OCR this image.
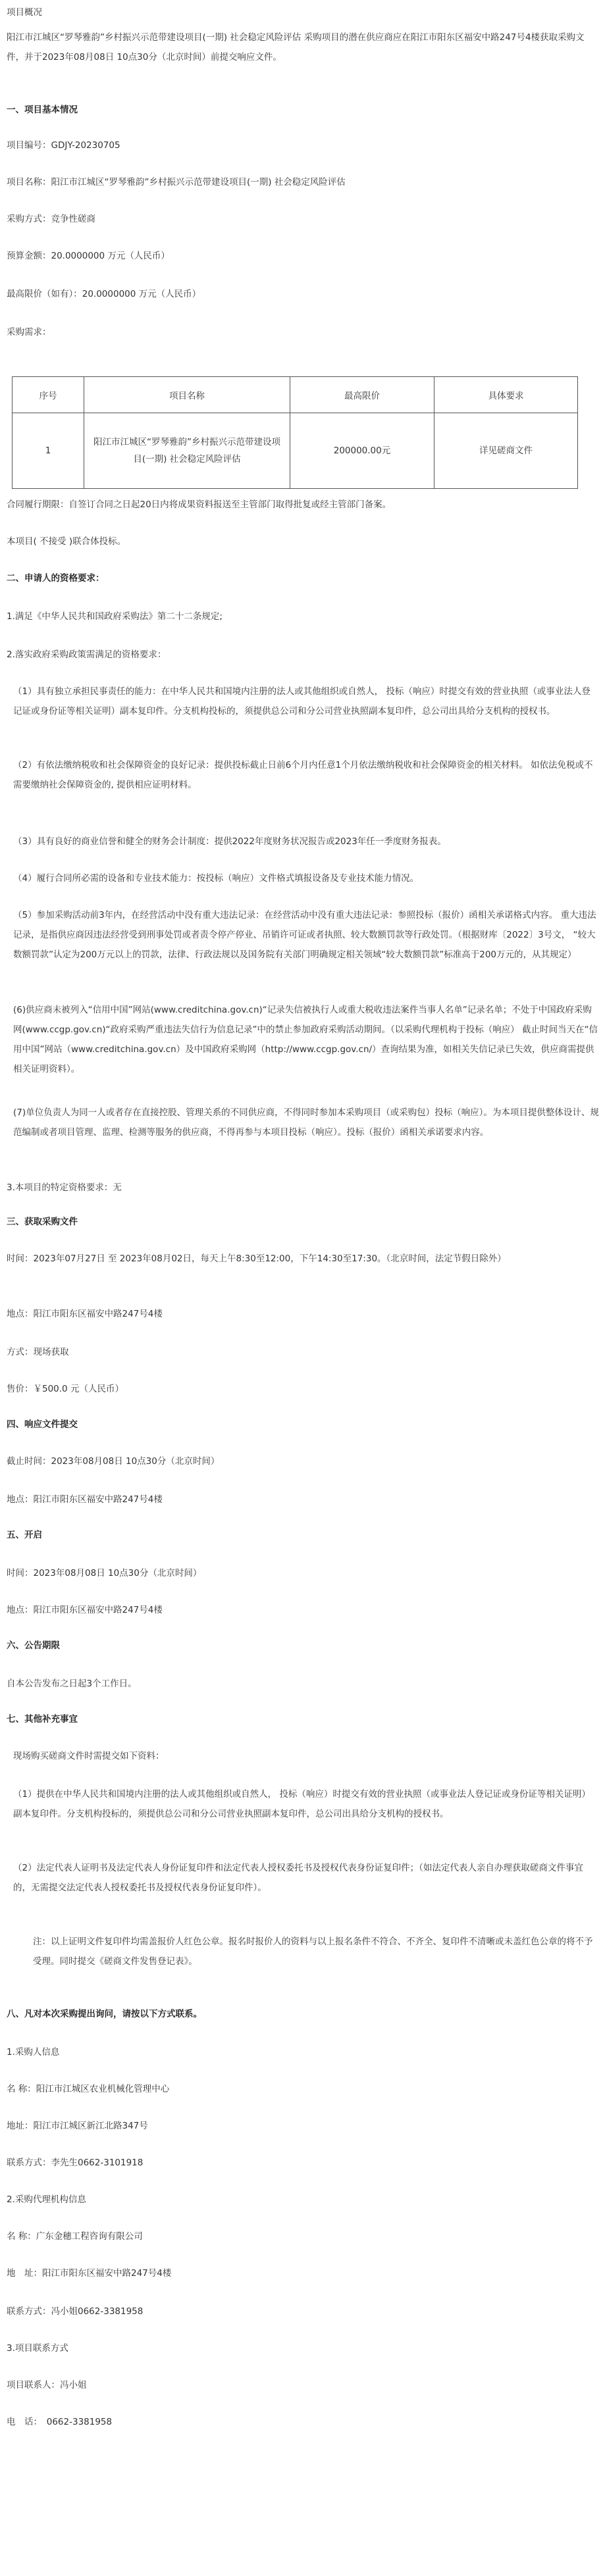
项目概况

阳江市江城区“罗琴雅韵”乡村振兴示范带建设项目(一期) 社会稳定风险评估 采购项目的潜在供应商应在阳江市阳东区福安中路247号4楼获取采购文件，并于2023年08月08日 10点30分（北京时间）前提交响应文件。

一、项目基本情况

项目编号：GDJY-20230705

项目名称：阳江市江城区“罗琴雅韵”乡村振兴示范带建设项目(一期) 社会稳定风险评估

采购方式：竞争性磋商

预算金额：20.0000000 万元（人民币）

最高限价（如有）：20.0000000 万元（人民币）

采购需求：

序号	项目名称	最高限价	具体要求
1	阳江市江城区“罗琴雅韵”乡村振兴示范带建设项目(一期) 社会稳定风险评估	200000.00元	详见磋商文件

合同履行期限：自签订合同之日起20日内将成果资料报送至主管部门取得批复或经主管部门备案。

本项目( 不接受 )联合体投标。

二、申请人的资格要求：

1.满足《中华人民共和国政府采购法》第二十二条规定;

2.落实政府采购政策需满足的资格要求：

（1）具有独立承担民事责任的能力：在中华人民共和国境内注册的法人或其他组织或自然人， 投标（响应）时提交有效的营业执照（或事业法人登记证或身份证等相关证明）副本复印件。分支机构投标的，须提供总公司和分公司营业执照副本复印件，总公司出具给分支机构的授权书。

（2）有依法缴纳税收和社会保障资金的良好记录：提供投标截止日前6个月内任意1个月依法缴纳税收和社会保障资金的相关材料。 如依法免税或不需要缴纳社会保障资金的, 提供相应证明材料。

（3）具有良好的商业信誉和健全的财务会计制度：提供2022年度财务状况报告或2023年任一季度财务报表。

（4）履行合同所必需的设备和专业技术能力：按投标（响应）文件格式填报设备及专业技术能力情况。

（5）参加采购活动前3年内，在经营活动中没有重大违法记录：在经营活动中没有重大违法记录：参照投标（报价）函相关承诺格式内容。 重大违法记录，是指供应商因违法经营受到刑事处罚或者责令停产停业、吊销许可证或者执照、较大数额罚款等行政处罚。（根据财库〔2022〕3号文， “较大数额罚款”认定为200万元以上的罚款，法律、行政法规以及国务院有关部门明确规定相关领域“较大数额罚款”标准高于200万元的，从其规定）

(6)供应商未被列入“信用中国”网站(www.creditchina.gov.cn)“记录失信被执行人或重大税收违法案件当事人名单”记录名单；不处于中国政府采购网(www.ccgp.gov.cn)“政府采购严重违法失信行为信息记录”中的禁止参加政府采购活动期间。（以采购代理机构于投标（响应） 截止时间当天在“信用中国”网站（www.creditchina.gov.cn）及中国政府采购网（http://www.ccgp.gov.cn/）查询结果为准，如相关失信记录已失效，供应商需提供相关证明资料）。

(7)单位负责人为同一人或者存在直接控股、管理关系的不同供应商，不得同时参加本采购项目（或采购包）投标（响应）。为本项目提供整体设计、规范编制或者项目管理、监理、检测等服务的供应商，不得再参与本项目投标（响应）。投标（报价）函相关承诺要求内容。

3.本项目的特定资格要求：无

三、获取采购文件

时间：2023年07月27日 至 2023年08月02日，每天上午8:30至12:00，下午14:30至17:30。（北京时间，法定节假日除外）

地点：阳江市阳东区福安中路247号4楼

方式：现场获取

售价：￥500.0 元（人民币）

四、响应文件提交

截止时间：2023年08月08日 10点30分（北京时间）

地点：阳江市阳东区福安中路247号4楼

五、开启

时间：2023年08月08日 10点30分（北京时间）

地点：阳江市阳东区福安中路247号4楼

六、公告期限

自本公告发布之日起3个工作日。

七、其他补充事宜

现场购买磋商文件时需提交如下资料：

（1）提供在中华人民共和国境内注册的法人或其他组织或自然人， 投标（响应）时提交有效的营业执照（或事业法人登记证或身份证等相关证明）副本复印件。分支机构投标的，须提供总公司和分公司营业执照副本复印件，总公司出具给分支机构的授权书。

（2）法定代表人证明书及法定代表人身份证复印件和法定代表人授权委托书及授权代表身份证复印件；（如法定代表人亲自办理获取磋商文件事宜的，无需提交法定代表人授权委托书及授权代表身份证复印件）。

注：以上证明文件复印件均需盖报价人红色公章。报名时报价人的资料与以上报名条件不符合、不齐全、复印件不清晰或未盖红色公章的将不予受理。同时提交《磋商文件发售登记表》。

八、凡对本次采购提出询问，请按以下方式联系。

1.采购人信息

名 称：阳江市江城区农业机械化管理中心

地址：阳江市江城区新江北路347号

联系方式：李先生0662-3101918

2.采购代理机构信息

名 称：广东金穗工程咨询有限公司

地　址：阳江市阳东区福安中路247号4楼

联系方式：冯小姐0662-3381958

3.项目联系方式

项目联系人：冯小姐

电　话：　0662-3381958
